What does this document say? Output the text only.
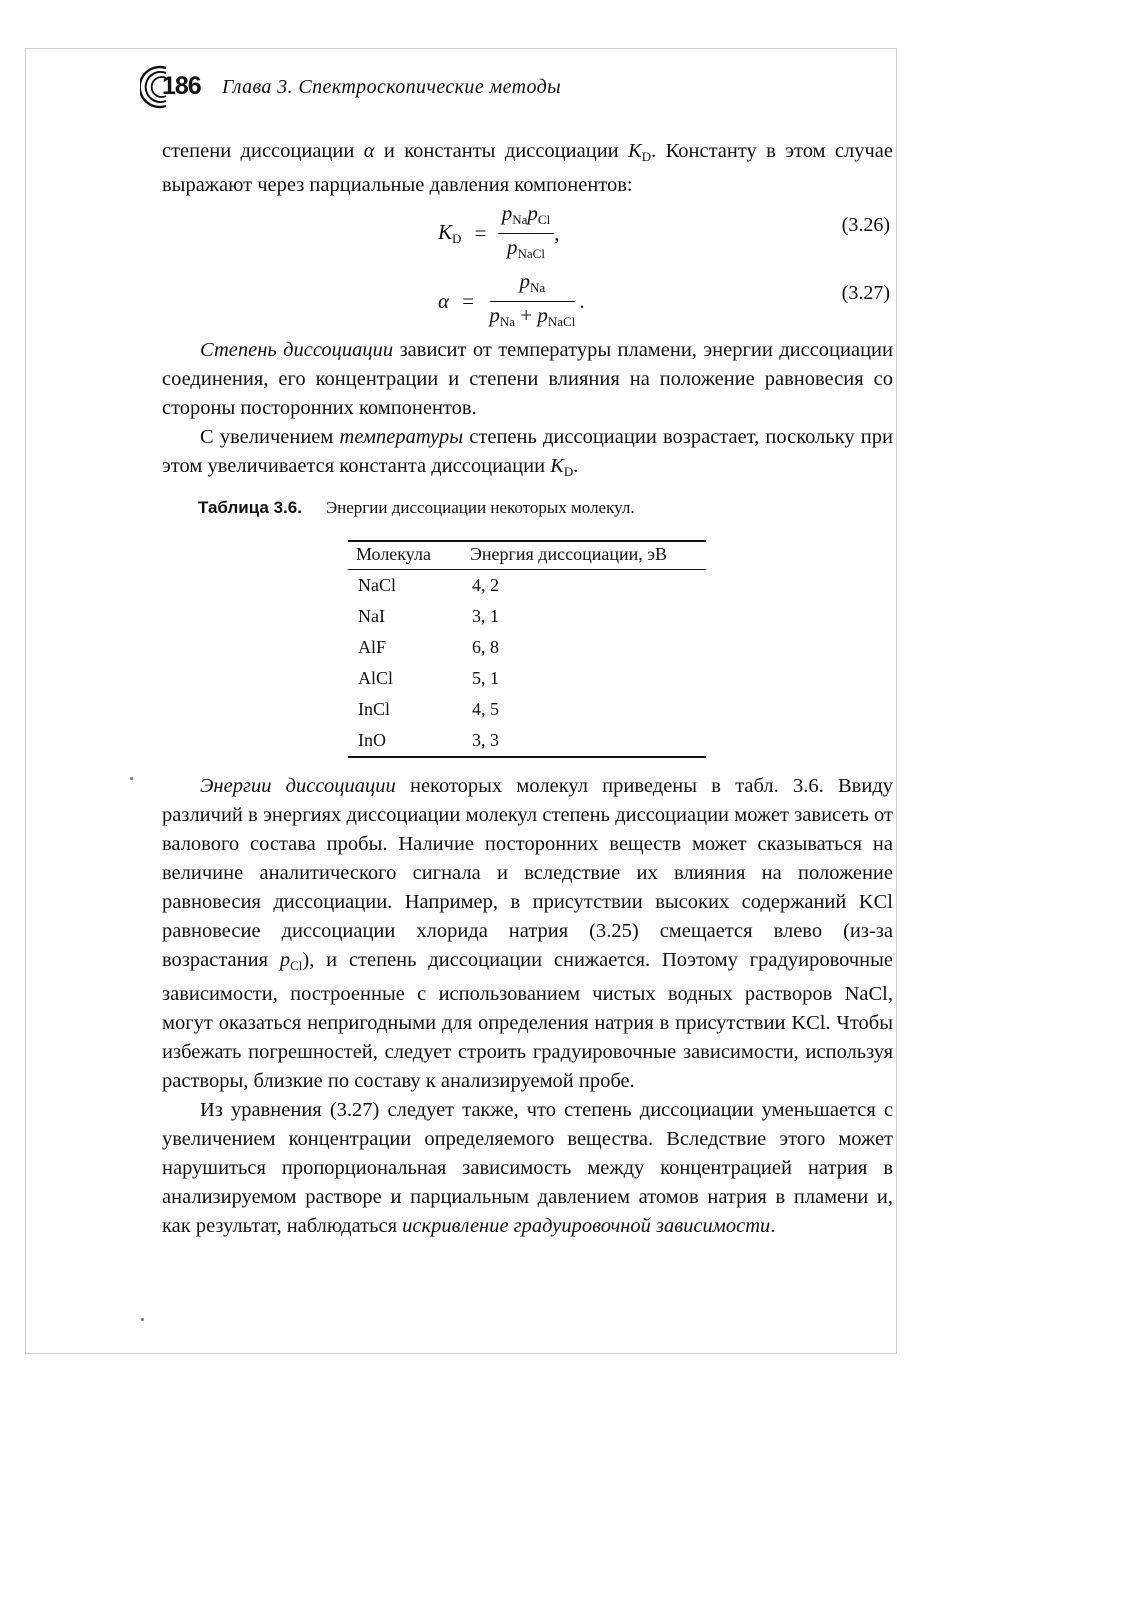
186 Глава 3. Спектроскопические методы

степени диссоциации α и константы диссоциации $K_D$. Константу в этом случае выражают через парциальные давления компонентов:

$K_D = \frac{p_{Na}p_{Cl}}{p_{NaCl}}$ ,	(3.26)
$\alpha = \frac{p_{Na}}{p_{Na} + p_{NaCl}}$ .	(3.27)

Степень диссоциации зависит от температуры пламени, энергии диссоциации соединения, его концентрации и степени влияния на положение равновесия со стороны посторонних компонентов.

С увеличением температуры степень диссоциации возрастает, поскольку при этом увеличивается константа диссоциации $K_D$.

Таблица 3.6. Энергии диссоциации некоторых молекул.
Молекула	Энергия диссоциации, эВ
NaCl	4, 2
NaI	3, 1
AlF	6, 8
AlCl	5, 1
InCl	4, 5
InO	3, 3

Энергии диссоциации некоторых молекул приведены в табл. 3.6. Ввиду различий в энергиях диссоциации молекул степень диссоциации может зависеть от валового состава пробы. Наличие посторонних веществ может сказываться на величине аналитического сигнала и вследствие их влияния на положение равновесия диссоциации. Например, в присутствии высоких содержаний KCl равновесие диссоциации хлорида натрия (3.25) смещается влево (из-за возрастания $p_{Cl}$), и степень диссоциации снижается. Поэтому градуировочные зависимости, построенные с использованием чистых водных растворов NaCl, могут оказаться непригодными для определения натрия в присутствии KCl. Чтобы избежать погрешностей, следует строить градуировочные зависимости, используя растворы, близкие по составу к анализируемой пробе.

Из уравнения (3.27) следует также, что степень диссоциации уменьшается с увеличением концентрации определяемого вещества. Вследствие этого может нарушиться пропорциональная зависимость между концентрацией натрия в анализируемом растворе и парциальным давлением атомов натрия в пламени и, как результат, наблюдаться искривление градуировочной зависимости.
